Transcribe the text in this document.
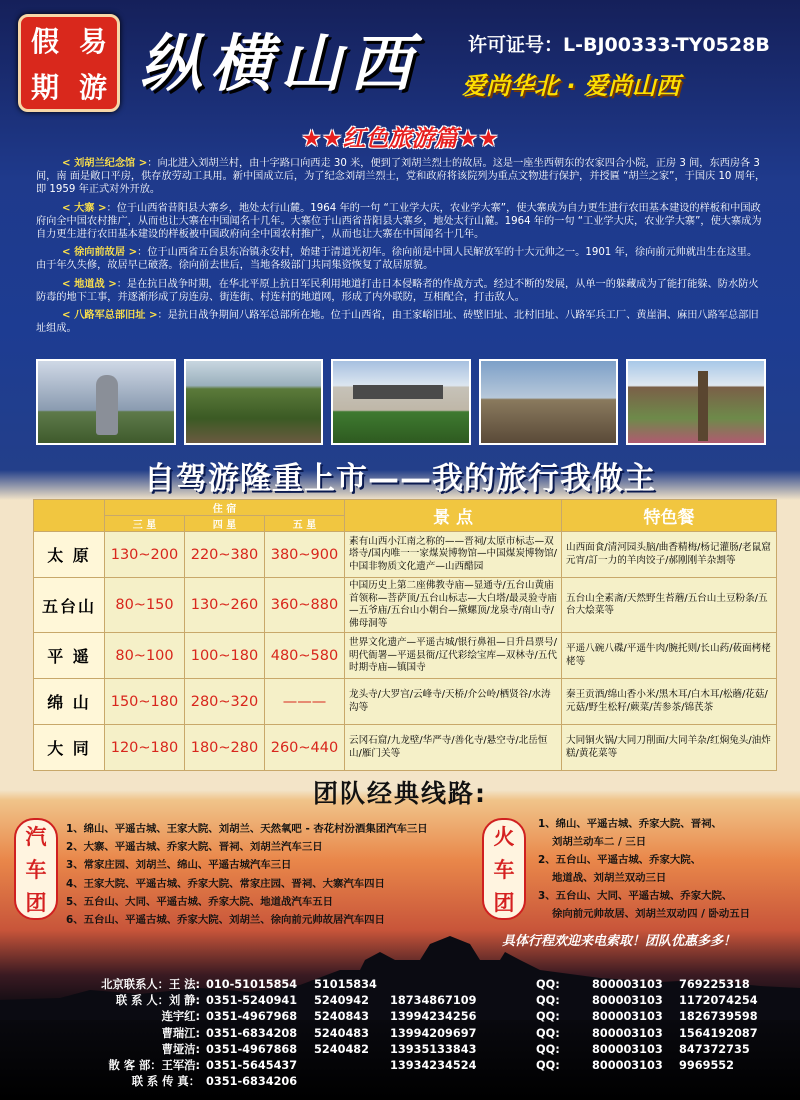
假 易
期 游 纵横山西	许可证号：L-BJ00333-TY0528B
爱尚华北 · 爱尚山西
★★红色旅游篇★★

< 刘胡兰纪念馆 >：向北进入刘胡兰村，由十字路口向西走 30 米，便到了刘胡兰烈士的故居。这是一座坐西朝东的农家四合小院，正房 3 间，东西房各 3 间，南 面是敞口平房，供存放劳动工具用。新中国成立后，为了纪念刘胡兰烈士，党和政府将该院列为重点文物进行保护，并授匾 “胡兰之家”，于国庆 10 周年，即 1959 年正式对外开放。

< 大寨 >：位于山西省昔阳县大寨乡，地处太行山麓。1964 年的一句 “工业学大庆，农业学大寨”，使大寨成为自力更生进行农田基本建设的样板和中国政府向全中国农村推广，从而也让大寨在中国闻名十几年。大寨位于山西省昔阳县大寨乡，地处太行山麓。1964 年的一句 “工业学大庆，农业学大寨”，使大寨成为自力更生进行农田基本建设的样板被中国政府向全中国农村推广，从而也让大寨在中国闻名十几年。

< 徐向前故居 >：位于山西省五台县东冶镇永安村，始建于清道光初年。徐向前是中国人民解放军的十大元帅之一。1901 年，徐向前元帅就出生在这里。由于年久失修，故居早已破落。徐向前去世后，当地各级部门共同集资恢复了故居原貌。

< 地道战 >：是在抗日战争时期，在华北平原上抗日军民利用地道打击日本侵略者的作战方式。经过不断的发展，从单一的躲藏成为了能打能躲、防水防火防毒的地下工事，并逐渐形成了房连房、街连街、村连村的地道网，形成了内外联防，互相配合，打击敌人。

< 八路军总部旧址 >：是抗日战争期间八路军总部所在地。位于山西省，由王家峪旧址、砖壁旧址、北村旧址、八路军兵工厂、黄崖洞、麻田八路军总部旧址组成。

自驾游隆重上市——我的旅行我做主
	住 宿			景 点	特色餐
	三 星	四 星	五 星		
太 原	130~200	220~380	380~900	素有山西小江南之称的——晋祠/太原市标志—双塔寺/国内唯一一家煤炭博物馆—中国煤炭博物馆/中国非物质文化遗产—山西醋园	山西面食/清河园头脑/曲香精梅/杨记灌肠/老鼠窟元宵/訂一力的羊肉饺子/郝刚刚羊杂割等
五台山	80~150	130~260	360~880	中国历史上第二座佛教寺庙—显通寺/五台山黄庙首领称—菩萨顶/五台山标志—大白塔/最灵验寺庙—五爷庙/五台山小朝台—黛螺顶/龙泉寺/南山寺/佛母洞等	五台山全素斋/天然野生苔蘑/五台山土豆粉条/五台大烩菜等
平 遥	80~100	100~180	480~580	世界文化遗产—平遥古城/银行鼻祖—日升昌票号/明代衙署—平遥县衙/辽代彩绘宝库—双林寺/五代时期寺庙—镇国寺	平遥八碗八碟/平遥牛肉/腕托则/长山药/莜面栲栳栳等
绵 山	150~180	280~320	———	龙头寺/大罗宫/云峰寺/天桥/介公岭/栖贤谷/水涛沟等	秦王贡酒/绵山香小米/黑木耳/白木耳/松蘑/花菇/元菇/野生松籽/蕨菜/苦参茶/锦芪茶
大 同	120~180	180~280	260~440	云冈石窟/九龙壁/华严寺/善化寺/悬空寺/北岳恒山/雁门关等	大同铜火锅/大同刀削面/大同羊杂/红焖兔头/油炸糕/黄花菜等
团队经典线路:
汽
车
团
1、绵山、平遥古城、王家大院、刘胡兰、天然氧吧 - 杏花村汾酒集团汽车三日
2、大寨、平遥古城、乔家大院、晋祠、刘胡兰汽车三日
3、常家庄园、刘胡兰、绵山、平遥古城汽车三日
4、王家大院、平遥古城、乔家大院、常家庄园、晋祠、大寨汽车四日
5、五台山、大同、平遥古城、乔家大院、地道战汽车五日
6、五台山、平遥古城、乔家大院、刘胡兰、徐向前元帅故居汽车四日
火
车
团
1、绵山、平遥古城、乔家大院、晋祠、
刘胡兰动车二 / 三日
2、五台山、平遥古城、乔家大院、
地道战、刘胡兰双动三日
3、五台山、大同、平遥古城、乔家大院、
徐向前元帅故居、刘胡兰双动四 / 卧动五日
具体行程欢迎来电索取！团队优惠多多！
北京联系人：王 法: 010-51015854	51015834	QQ:	800003103	769225318
联 系 人：刘 静: 0351-5240941	5240942	18734867109	QQ:	800003103	1172074254
连宇红: 0351-4967968	5240843	13994234256	QQ:	800003103	1826739598
曹瑞江: 0351-6834208	5240483	13994209697	QQ:	800003103	1564192087
曹垭洁: 0351-4967868	5240482	13935133843	QQ:	800003103	847372735
散 客 部：王军浩: 0351-5645437	13934234524	QQ:	800003103	9969552
联 系 传 真： 0351-6834206
